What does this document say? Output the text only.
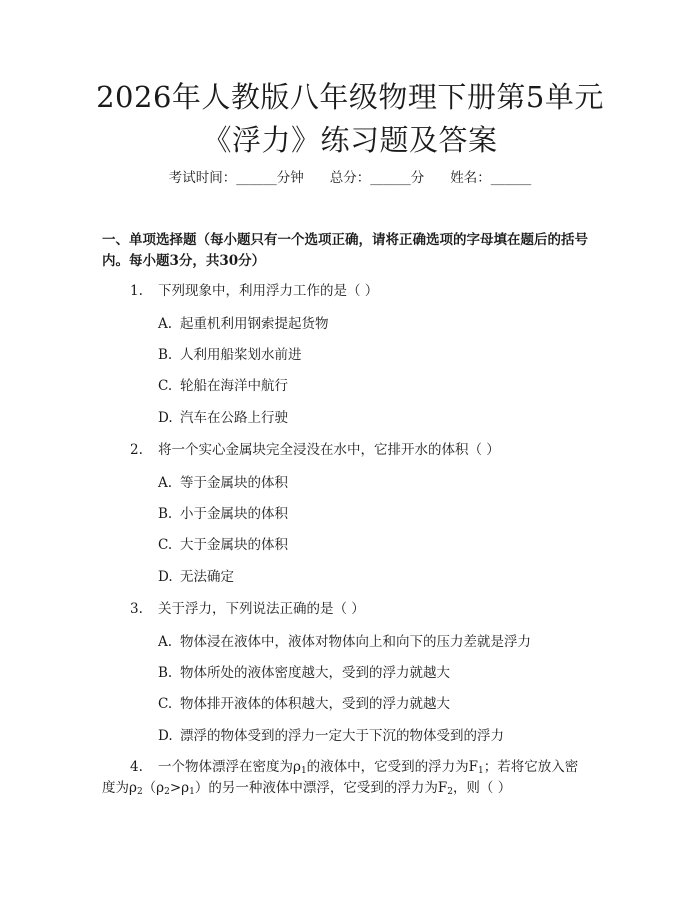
2026年人教版八年级物理下册第5单元《浮力》练习题及答案
考试时间：______分钟 总分：______分 姓名：______
一、单项选择题（每小题只有一个选项正确，请将正确选项的字母填在题后的括号内。每小题3分，共30分）
1. 下列现象中，利用浮力工作的是（ ）
A. 起重机利用钢索提起货物
B. 人利用船桨划水前进
C. 轮船在海洋中航行
D. 汽车在公路上行驶
2. 将一个实心金属块完全浸没在水中，它排开水的体积（ ）
A. 等于金属块的体积
B. 小于金属块的体积
C. 大于金属块的体积
D. 无法确定
3. 关于浮力，下列说法正确的是（ ）
A. 物体浸在液体中，液体对物体向上和向下的压力差就是浮力
B. 物体所处的液体密度越大，受到的浮力就越大
C. 物体排开液体的体积越大，受到的浮力就越大
D. 漂浮的物体受到的浮力一定大于下沉的物体受到的浮力
4. 一个物体漂浮在密度为$\rho_1$的液体中，它受到的浮力为$F_1$；若将它放入密
度为$\rho_2(\rho_2>\rho_1)$的另一种液体中漂浮，它受到的浮力为$F_2$，则（ ）
